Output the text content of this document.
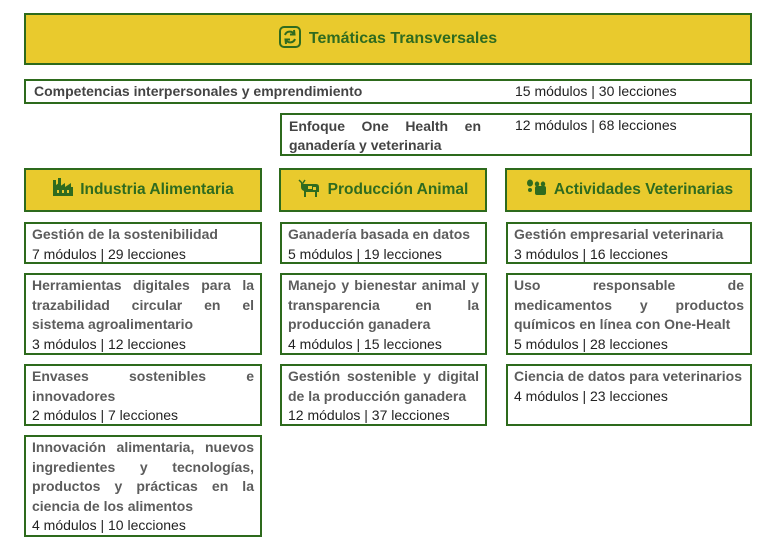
Temáticas Transversales
Competencias interpersonales y emprendimiento	15 módulos | 30 lecciones
Enfoque One Health en ganadería y veterinaria
12 módulos | 68 lecciones
Industria Alimentaria	Producción Animal	Actividades Veterinarias
Gestión de la sostenibilidad
7 módulos | 29 lecciones
Herramientas digitales para la trazabilidad circular en el sistema agroalimentario
3 módulos | 12 lecciones
Envases sostenibles e innovadores
2 módulos | 7 lecciones
Innovación alimentaria, nuevos ingredientes y tecnologías, productos y prácticas en la ciencia de los alimentos
4 módulos | 10 lecciones
Ganadería basada en datos
5 módulos | 19 lecciones
Manejo y bienestar animal y transparencia en la producción ganadera
4 módulos | 15 lecciones
Gestión sostenible y digital de la producción ganadera
12 módulos | 37 lecciones
Gestión empresarial veterinaria
3 módulos | 16 lecciones
Uso responsable de medicamentos y productos químicos en línea con One-Healt
5 módulos | 28 lecciones
Ciencia de datos para veterinarios
4 módulos | 23 lecciones
